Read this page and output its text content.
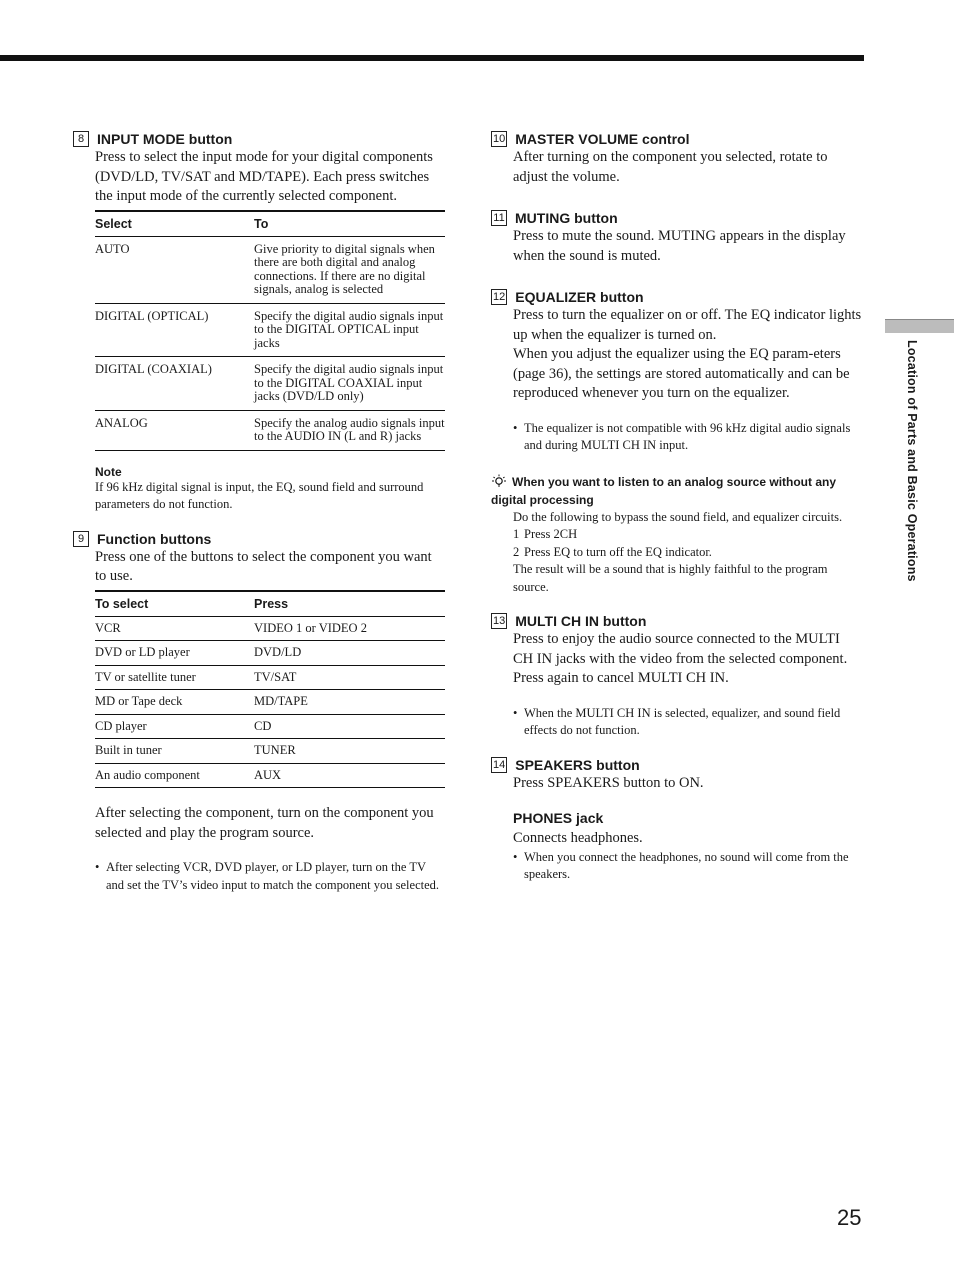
8 INPUT MODE button
Press to select the input mode for your digital components (DVD/LD, TV/SAT and MD/TAPE). Each press switches the input mode of the currently selected component.
Select	To
AUTO	Give priority to digital signals when there are both digital and analog connections. If there are no digital signals, analog is selected
DIGITAL (OPTICAL)	Specify the digital audio signals input to the DIGITAL OPTICAL input jacks
DIGITAL (COAXIAL)	Specify the digital audio signals input to the DIGITAL COAXIAL input jacks (DVD/LD only)
ANALOG	Specify the analog audio signals input to the AUDIO IN (L and R) jacks
Note
If 96 kHz digital signal is input, the EQ, sound field and surround parameters do not function.
9 Function buttons
Press one of the buttons to select the component you want to use.
To select	Press
VCR	VIDEO 1 or VIDEO 2
DVD or LD player	DVD/LD
TV or satellite tuner	TV/SAT
MD or Tape deck	MD/TAPE
CD player	CD
Built in tuner	TUNER
An audio component	AUX
After selecting the component, turn on the component you selected and play the program source.
• After selecting VCR, DVD player, or LD player, turn on the TV and set the TV’s video input to match the component you selected.
10 MASTER VOLUME control
After turning on the component you selected, rotate to adjust the volume.
11 MUTING button
Press to mute the sound. MUTING appears in the display when the sound is muted.
12 EQUALIZER button
Press to turn the equalizer on or off. The EQ indicator lights up when the equalizer is turned on.
When you adjust the equalizer using the EQ param-eters (page 36), the settings are stored automatically and can be reproduced whenever you turn on the equalizer.
• The equalizer is not compatible with 96 kHz digital audio signals and during MULTI CH IN input.
When you want to listen to an analog source without any
digital processing
Do the following to bypass the sound field, and equalizer circuits.
1 Press 2CH
2 Press EQ to turn off the EQ indicator.
The result will be a sound that is highly faithful to the program source.
13 MULTI CH IN button
Press to enjoy the audio source connected to the MULTI CH IN jacks with the video from the selected component. Press again to cancel MULTI CH IN.
• When the MULTI CH IN is selected, equalizer, and sound field effects do not function.
14 SPEAKERS button
Press SPEAKERS button to ON.
PHONES jack
Connects headphones.
• When you connect the headphones, no sound will come from the speakers.
Location of Parts and Basic Operations
25
